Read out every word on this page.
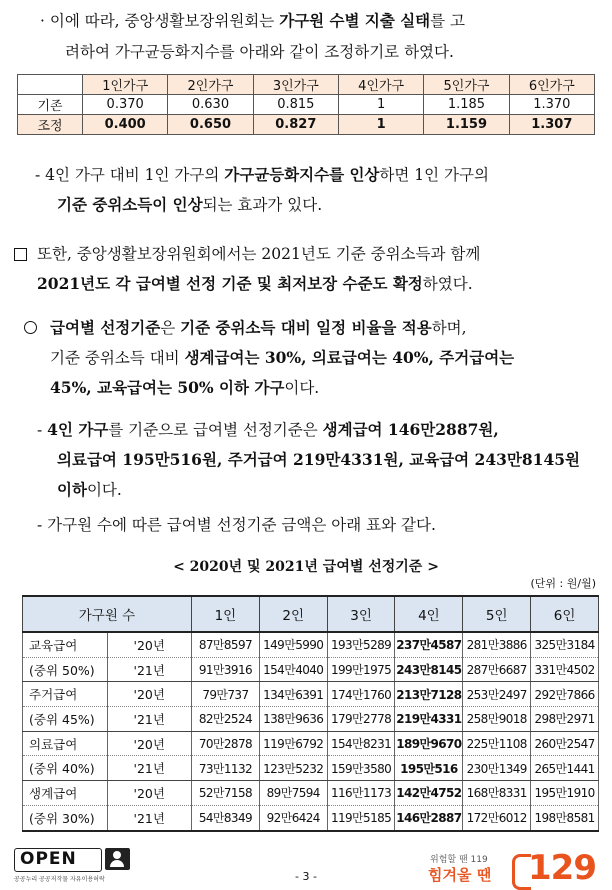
· 이에 따라, 중앙생활보장위원회는 가구원 수별 지출 실태를 고
려하여 가구균등화지수를 아래와 같이 조정하기로 하였다.
	1인가구	2인가구	3인가구	4인가구	5인가구	6인가구
기존	0.370	0.630	0.815	1	1.185	1.370
조정	0.400	0.650	0.827	1	1.159	1.307
- 4인 가구 대비 1인 가구의 가구균등화지수를 인상하면 1인 가구의
기준 중위소득이 인상되는 효과가 있다.
또한, 중앙생활보장위원회에서는 2021년도 기준 중위소득과 함께
2021년도 각 급여별 선정 기준 및 최저보장 수준도 확정하였다.
급여별 선정기준은 기준 중위소득 대비 일정 비율을 적용하며,
기준 중위소득 대비 생계급여는 30%, 의료급여는 40%, 주거급여는
45%, 교육급여는 50% 이하 가구이다.
- 4인 가구를 기준으로 급여별 선정기준은 생계급여 146만2887원,
의료급여 195만516원, 주거급여 219만4331원, 교육급여 243만8145원
이하이다.
- 가구원 수에 따른 급여별 선정기준 금액은 아래 표와 같다.
< 2020년 및 2021년 급여별 선정기준 >
(단위 : 원/월)
가구원 수		1인	2인	3인	4인	5인	6인
교육급여	'20년	87만8597	149만5990	193만5289	237만4587	281만3886	325만3184
(중위 50%)	'21년	91만3916	154만4040	199만1975	243만8145	287만6687	331만4502
주거급여	'20년	79만737	134만6391	174만1760	213만7128	253만2497	292만7866
(중위 45%)	'21년	82만2524	138만9636	179만2778	219만4331	258만9018	298만2971
의료급여	'20년	70만2878	119만6792	154만8231	189만9670	225만1108	260만2547
(중위 40%)	'21년	73만1132	123만5232	159만3580	195만516	230만1349	265만1441
생계급여	'20년	52만7158	89만7594	116만1173	142만4752	168만8331	195만1910
(중위 30%)	'21년	54만8349	92만6424	119만5185	146만2887	172만6012	198만8581
OPEN
공공누리 공공저작물 자유이용허락	- 3 -
위험할 땐 119
힘겨울 땐 129
